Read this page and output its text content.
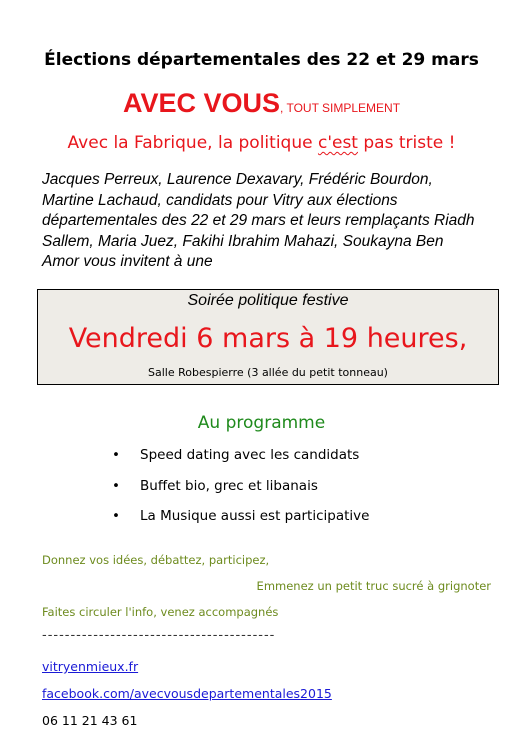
Élections départementales des 22 et 29 mars
AVEC VOUS, TOUT SIMPLEMENT
Avec la Fabrique, la politique c'est pas triste !
Jacques Perreux, Laurence Dexavary, Frédéric Bourdon, Martine Lachaud, candidats pour Vitry aux élections départementales des 22 et 29 mars et leurs remplaçants Riadh Sallem, Maria Juez, Fakihi Ibrahim Mahazi, Soukayna Ben Amor vous invitent à une
Soirée politique festive
Vendredi 6 mars à 19 heures,
Salle Robespierre (3 allée du petit tonneau)
Au programme
• Speed dating avec les candidats
• Buffet bio, grec et libanais
• La Musique aussi est participative
Donnez vos idées, débattez, participez,
Emmenez un petit truc sucré à grignoter
Faites circuler l'info, venez accompagnés
-----------------------------------------
vitryenmieux.fr
facebook.com/avecvousdepartementales2015
06 11 21 43 61
